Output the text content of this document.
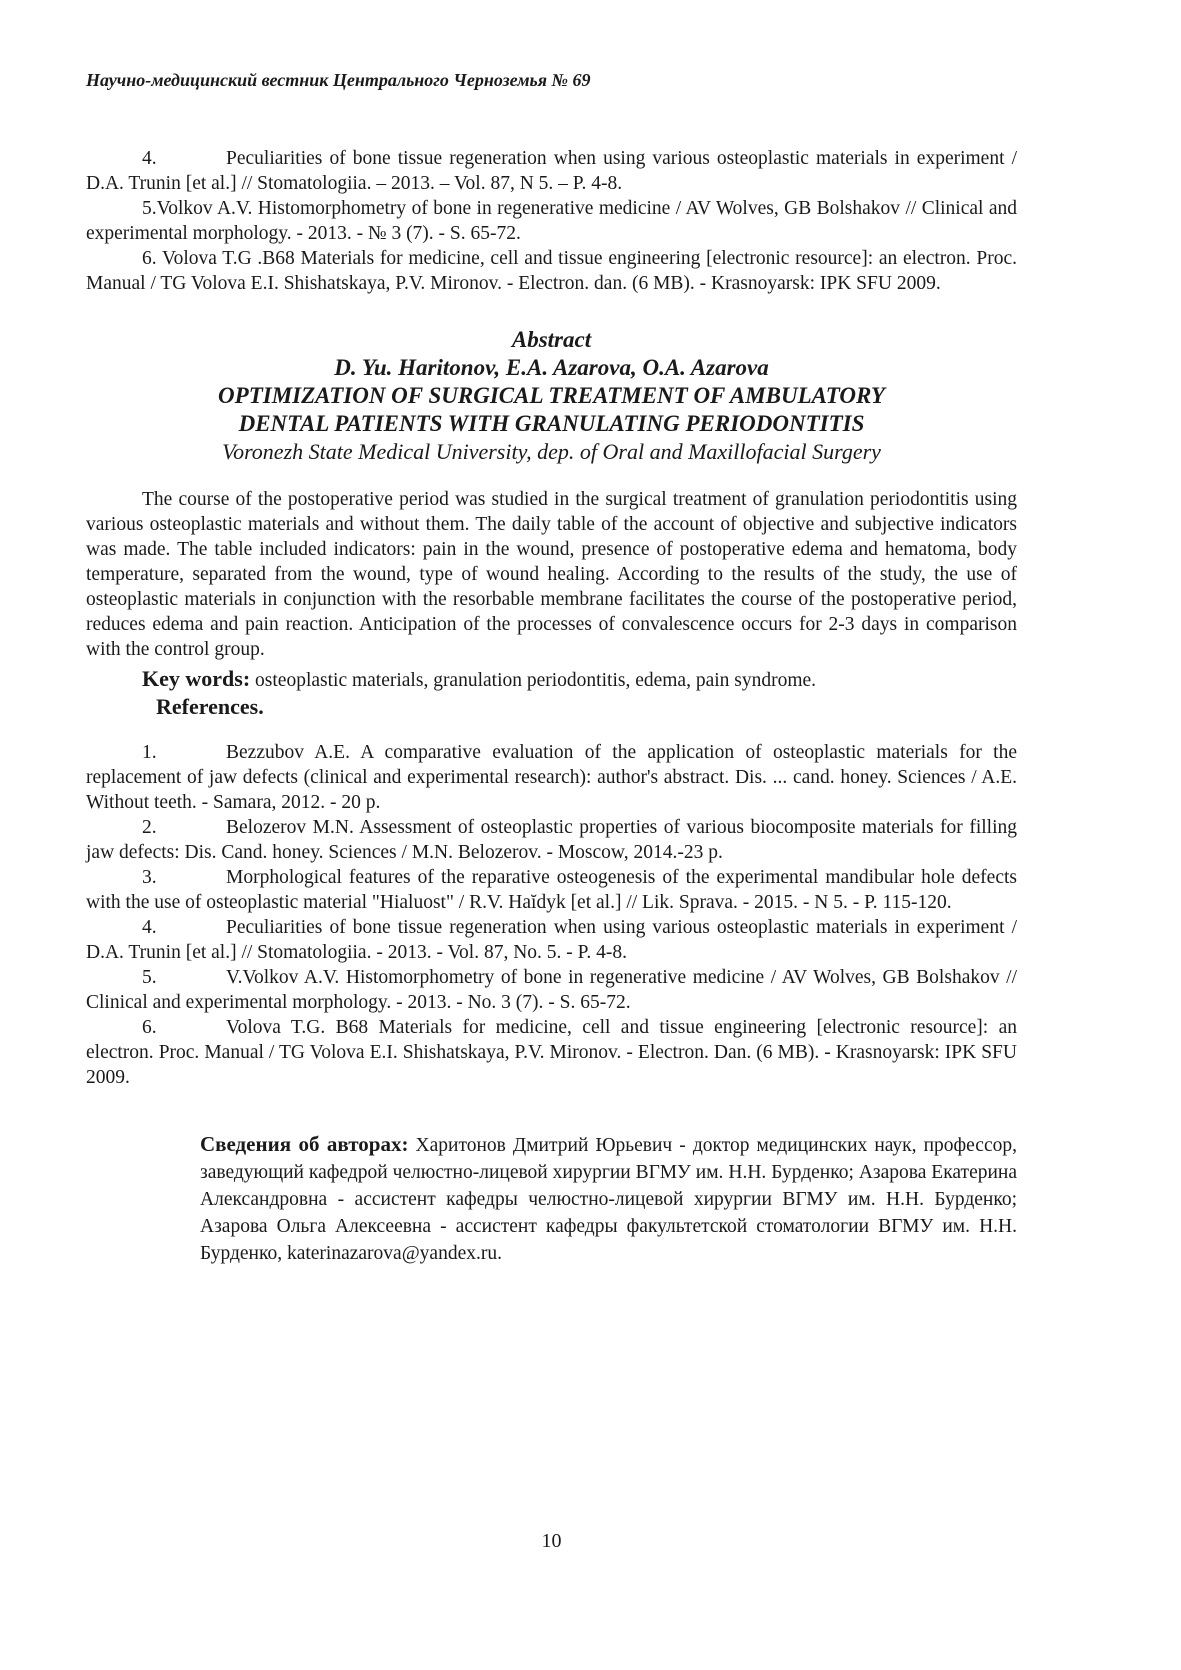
Научно-медицинский вестник Центрального Черноземья № 69

4.	Peculiarities of bone tissue regeneration when using various osteoplastic materials in experiment / D.A. Trunin [et al.] // Stomatologiia. – 2013. – Vol. 87, N 5. – P. 4-8.

5.Volkov A.V. Histomorphometry of bone in regenerative medicine / AV Wolves, GB Bolshakov // Clinical and experimental morphology. - 2013. - № 3 (7). - S. 65-72.

6. Volova T.G .B68 Materials for medicine, cell and tissue engineering [electronic resource]: an electron. Proc. Manual / TG Volova E.I. Shishatskaya, P.V. Mironov. - Electron. dan. (6 MB). - Krasnoyarsk: IPK SFU 2009.

Abstract
D. Yu. Haritonov, E.A. Azarova, O.A. Azarova
OPTIMIZATION OF SURGICAL TREATMENT OF AMBULATORY
DENTAL PATIENTS WITH GRANULATING PERIODONTITIS
Voronezh State Medical University, dep. of Oral and Maxillofacial Surgery

The course of the postoperative period was studied in the surgical treatment of granulation periodontitis using various osteoplastic materials and without them. The daily table of the account of objective and subjective indicators was made. The table included indicators: pain in the wound, presence of postoperative edema and hematoma, body temperature, separated from the wound, type of wound healing. According to the results of the study, the use of osteoplastic materials in conjunction with the resorbable membrane facilitates the course of the postoperative period, reduces edema and pain reaction. Anticipation of the processes of convalescence occurs for 2-3 days in comparison with the control group.

Key words: osteoplastic materials, granulation periodontitis, edema, pain syndrome.
References.

1.	Bezzubov A.E. A comparative evaluation of the application of osteoplastic materials for the replacement of jaw defects (clinical and experimental research): author's abstract. Dis. ... cand. honey. Sciences / A.E. Without teeth. - Samara, 2012. - 20 p.

2.	Belozerov M.N. Assessment of osteoplastic properties of various biocomposite materials for filling jaw defects: Dis. Cand. honey. Sciences / M.N. Belozerov. - Moscow, 2014.-23 p.

3.	Morphological features of the reparative osteogenesis of the experimental mandibular hole defects with the use of osteoplastic material "Hialuost" / R.V. Haĭdyk [et al.] // Lik. Sprava. - 2015. - N 5. - P. 115-120.

4.	Peculiarities of bone tissue regeneration when using various osteoplastic materials in experiment / D.A. Trunin [et al.] // Stomatologiia. - 2013. - Vol. 87, No. 5. - P. 4-8.

5.	V.Volkov A.V. Histomorphometry of bone in regenerative medicine / AV Wolves, GB Bolshakov // Clinical and experimental morphology. - 2013. - No. 3 (7). - S. 65-72.

6.	Volova T.G. B68 Materials for medicine, cell and tissue engineering [electronic resource]: an electron. Proc. Manual / TG Volova E.I. Shishatskaya, P.V. Mironov. - Electron. Dan. (6 MB). - Krasnoyarsk: IPK SFU 2009.

Сведения об авторах: Харитонов Дмитрий Юрьевич - доктор медицинских наук, профессор, заведующий кафедрой челюстно-лицевой хирургии ВГМУ им. Н.Н. Бурденко; Азарова Екатерина Александровна - ассистент кафедры челюстно-лицевой хирургии ВГМУ им. Н.Н. Бурденко; Азарова Ольга Алексеевна - ассистент кафедры факультетской стоматологии ВГМУ им. Н.Н. Бурденко, katerinazarova@yandex.ru.
10
